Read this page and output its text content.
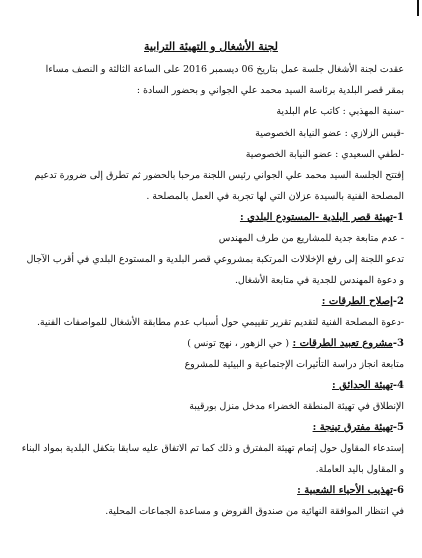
لجنة الأشغال و التهيئة الترابية
عقدت لجنة الأشغال جلسة عمل بتاريخ 06 ديسمبر 2016 على الساعة الثالثة و النصف مساءا
بمقر قصر البلدية برئاسة السيد محمد علي الجواني و بحضور السادة :
-سنية المهذبي : كاتب عام البلدية
-قيس الزلازي : عضو النيابة الخصوصية
-لطفي السعيدي : عضو النيابة الخصوصية
إفتتح الجلسة السيد محمد علي الجواني رئيس اللجنة مرحبا بالحضور ثم تطرق إلى ضرورة تدعيم
المصلحة الفنية بالسيدة عزلان التي لها تجربة في العمل بالمصلحة .
1-تهيئة قصر البلدية -المستودع البلدي :
- عدم متابعة جدية للمشاريع من طرف المهندس
تدعو اللجنة إلى رفع الإخلالات المرتكبة بمشروعي قصر البلدية و المستودع البلدي في أقرب الآجال
و دعوة المهندس للجدية في متابعة الأشغال.
2-إصلاح الطرقات :
-دعوة المصلحة الفنية لتقديم تقرير تقييمي حول أسباب عدم مطابقة الأشغال للمواصفات الفنية.
3-مشروع تعبيد الطرقات : ( حي الزهور ، نهج تونس )
متابعة انجاز دراسة التأثيرات الإجتماعية و البيئية للمشروع
4-تهيئة الحدائق :
الإنطلاق في تهيئة المنطقة الخضراء مدخل منزل بورقيبة
5-تهيئة مفترق تينجة :
إستدعاء المقاول حول إتمام تهيئة المفترق و ذلك كما تم الاتفاق عليه سابقا بتكفل البلدية بمواد البناء
و المقاول باليد العاملة.
6-تهذيب الأحياء الشعبية :
في انتظار الموافقة النهائية من صندوق القروض و مساعدة الجماعات المحلية.
